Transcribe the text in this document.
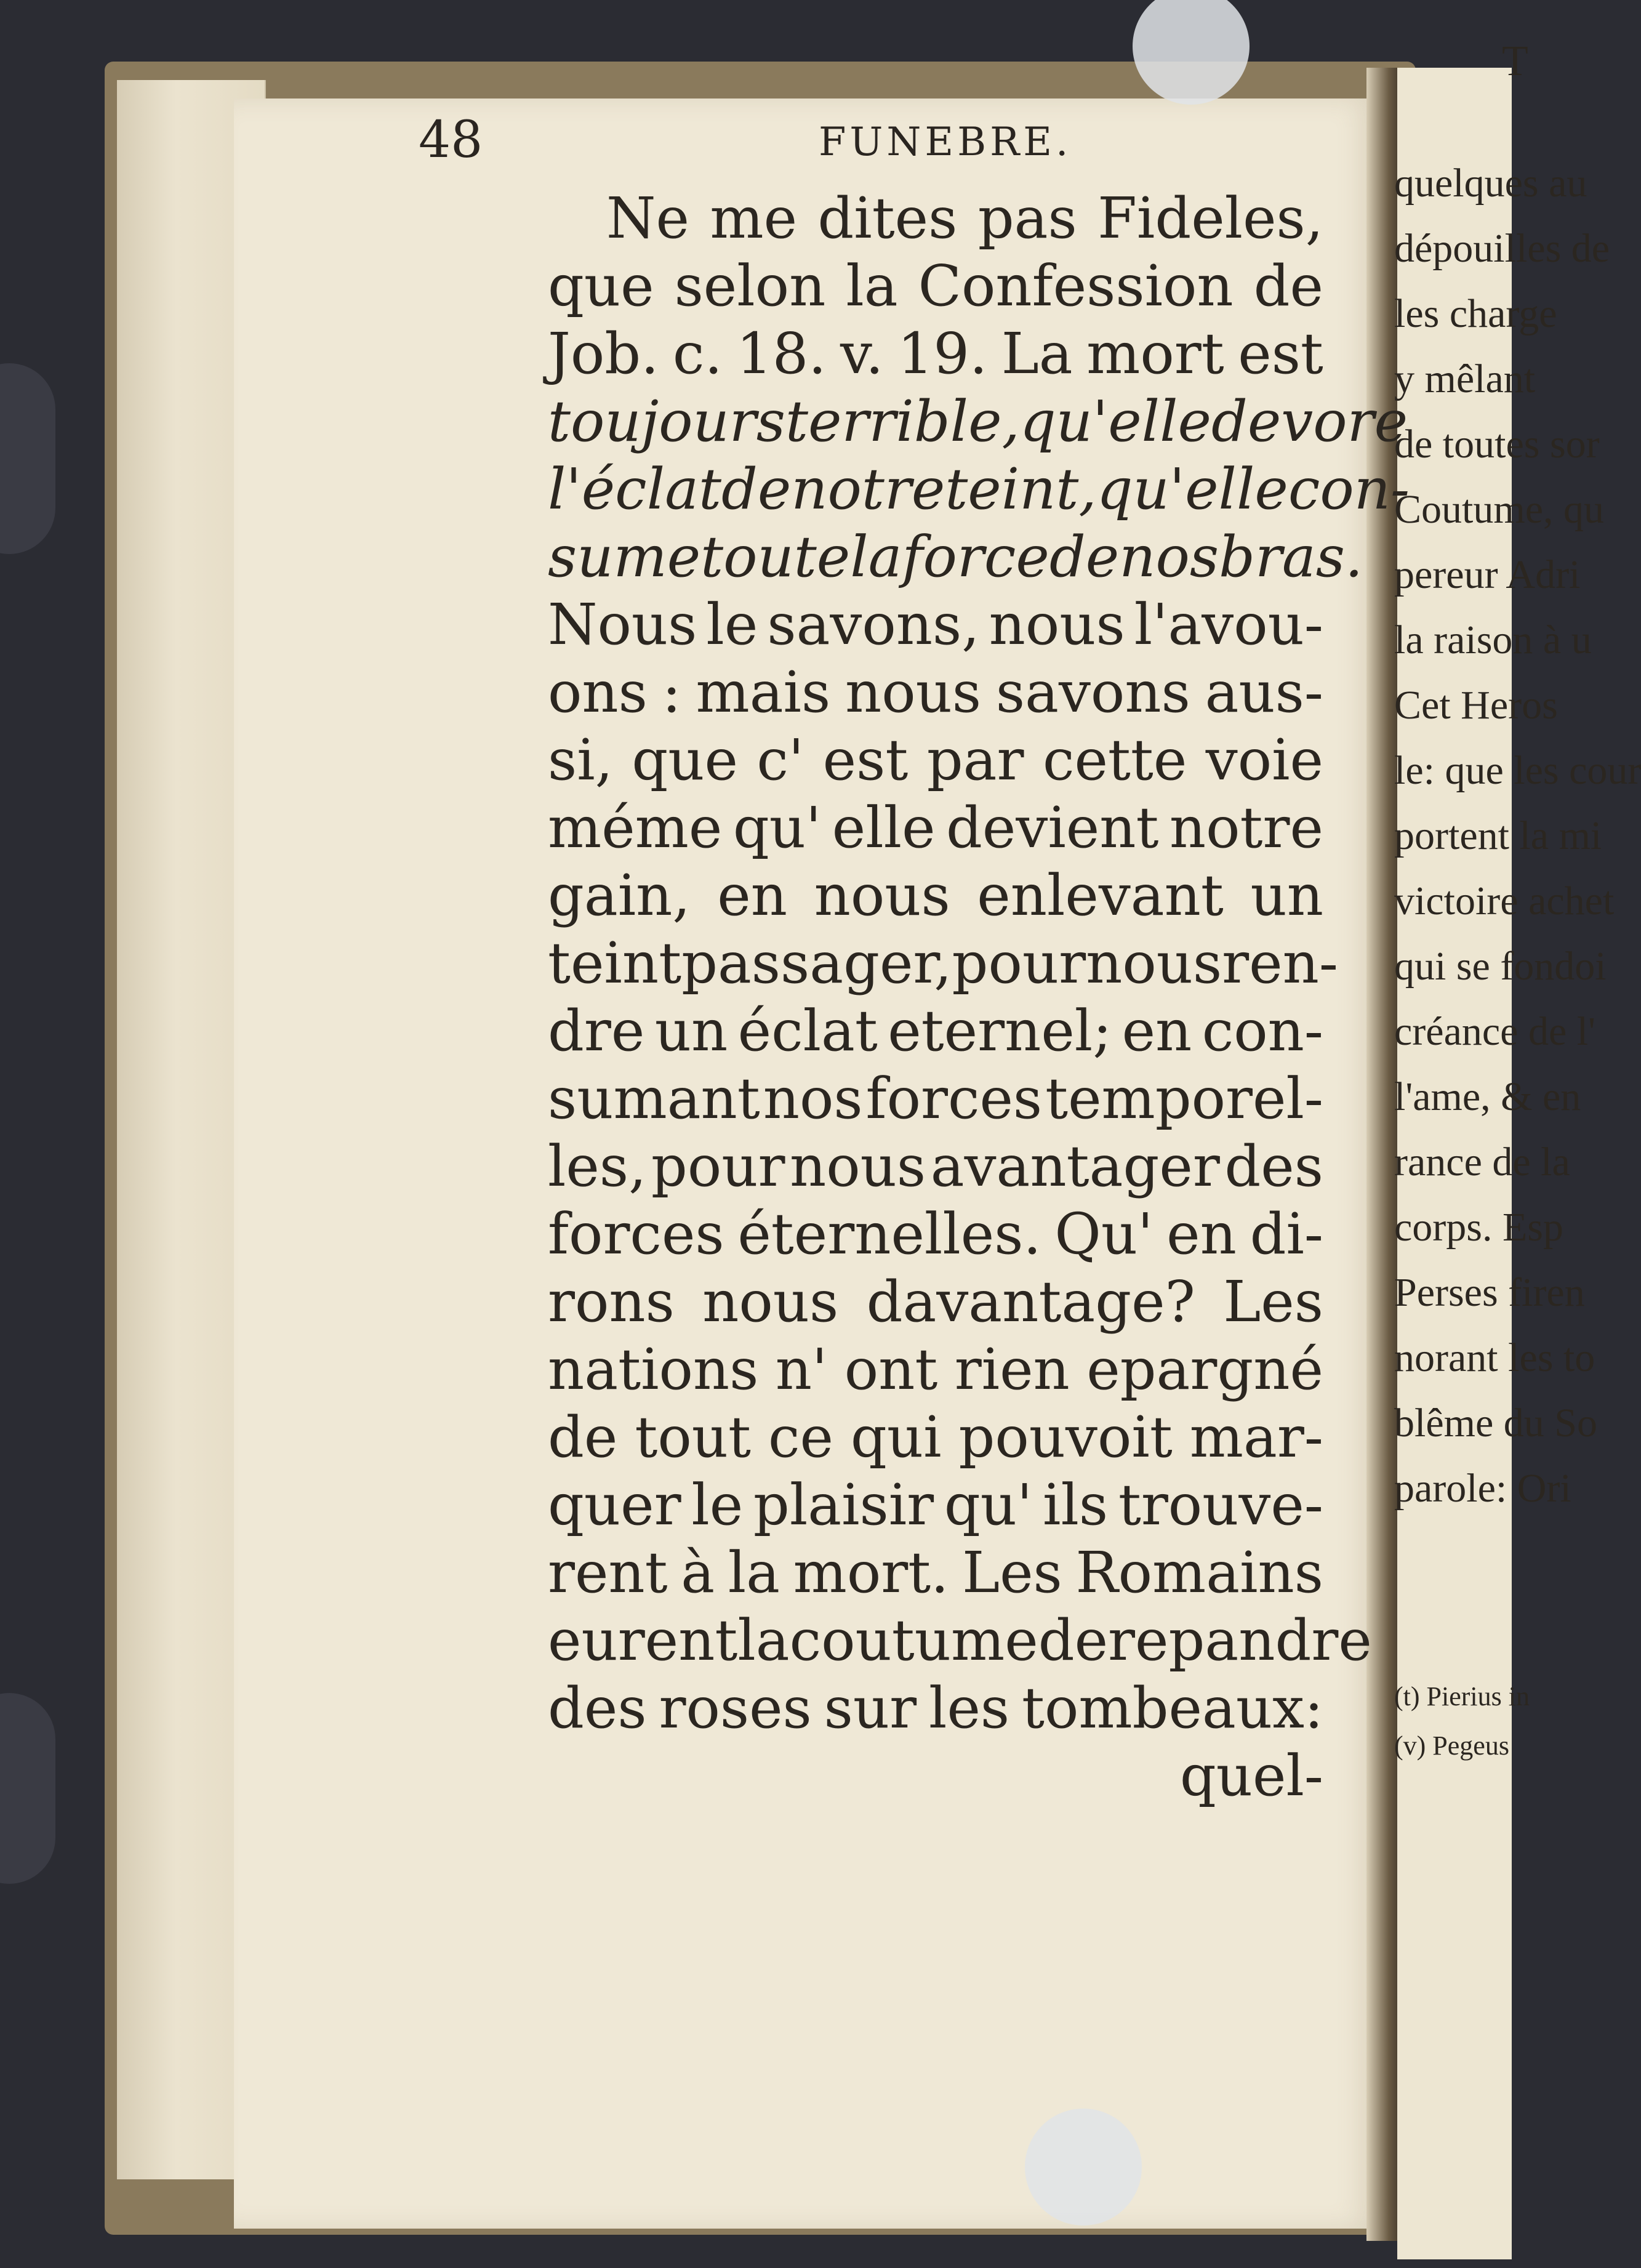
48	FUNEBRE.
Ne me dites pas Fideles,
que selon la Confession de
Job. c. 18. v. 19. La mort est
toujours terrible, qu' elle devore
l' éclat de notre teint, qu' elle con-
sume toute la force de nos bras.
Nous le savons, nous l'avou-
ons : mais nous savons aus-
si, que c' est par cette voie
méme qu' elle devient notre
gain, en nous enlevant un
teint passager, pour nous ren-
dre un éclat eternel; en con-
sumant nos forces temporel-
les, pour nous avantager des
forces éternelles. Qu' en di-
rons nous davantage? Les
nations n' ont rien epargné
de tout ce qui pouvoit mar-
quer le plaisir qu' ils trouve-
rent à la mort. Les Romains
eurent la coutume de repandre
des roses sur les tombeaux:
quel-
quelques au
dépouilles de
les charge
y mêlant
de toutes sor
Coutume, qu
pereur Adri
la raison à u
Cet Heros
le: que les cour
portent la mi
victoire achet
qui se fondoi
créance de l'
l'ame, & en
rance de la
corps. Esp
Perses firen
norant les to
blême du So
parole: Ori
(t) Pierius in
(v) Pegeus
T
